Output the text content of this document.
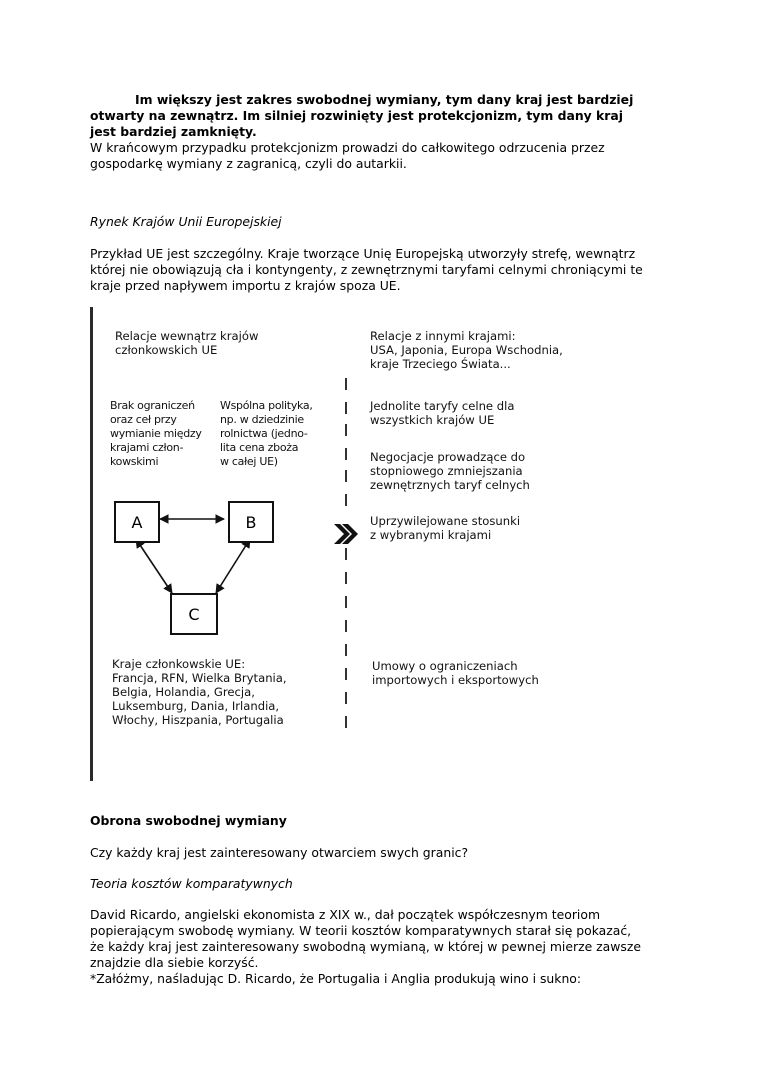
Im większy jest zakres swobodnej wymiany, tym dany kraj jest bardziej
otwarty na zewnątrz. Im silniej rozwinięty jest protekcjonizm, tym dany kraj
jest bardziej zamknięty.
W krańcowym przypadku protekcjonizm prowadzi do całkowitego odrzucenia przez
gospodarkę wymiany z zagranicą, czyli do autarkii.
Rynek Krajów Unii Europejskiej
Przykład UE jest szczególny. Kraje tworzące Unię Europejską utworzyły strefę, wewnątrz
której nie obowiązują cła i kontyngenty, z zewnętrznymi taryfami celnymi chroniącymi te
kraje przed napływem importu z krajów spoza UE.
Relacje wewnątrz krajów
członkowskich UE
Brak ograniczeń
oraz ceł przy
wymianie między
krajami człon-
kowskimi
Wspólna polityka,
np. w dziedzinie
rolnictwa (jedno-
lita cena zboża
w całej UE)
A	B
C
Kraje członkowskie UE:
Francja, RFN, Wielka Brytania,
Belgia, Holandia, Grecja,
Luksemburg, Dania, Irlandia,
Włochy, Hiszpania, Portugalia
Relacje z innymi krajami:
USA, Japonia, Europa Wschodnia,
kraje Trzeciego Świata...
Jednolite taryfy celne dla
wszystkich krajów UE
Negocjacje prowadzące do
stopniowego zmniejszania
zewnętrznych taryf celnych
Uprzywilejowane stosunki
z wybranymi krajami
Umowy o ograniczeniach
importowych i eksportowych
Obrona swobodnej wymiany
Czy każdy kraj jest zainteresowany otwarciem swych granic?
Teoria kosztów komparatywnych
David Ricardo, angielski ekonomista z XIX w., dał początek współczesnym teoriom
popierającym swobodę wymiany. W teorii kosztów komparatywnych starał się pokazać,
że każdy kraj jest zainteresowany swobodną wymianą, w której w pewnej mierze zawsze
znajdzie dla siebie korzyść.
*Załóżmy, naśladując D. Ricardo, że Portugalia i Anglia produkują wino i sukno:
